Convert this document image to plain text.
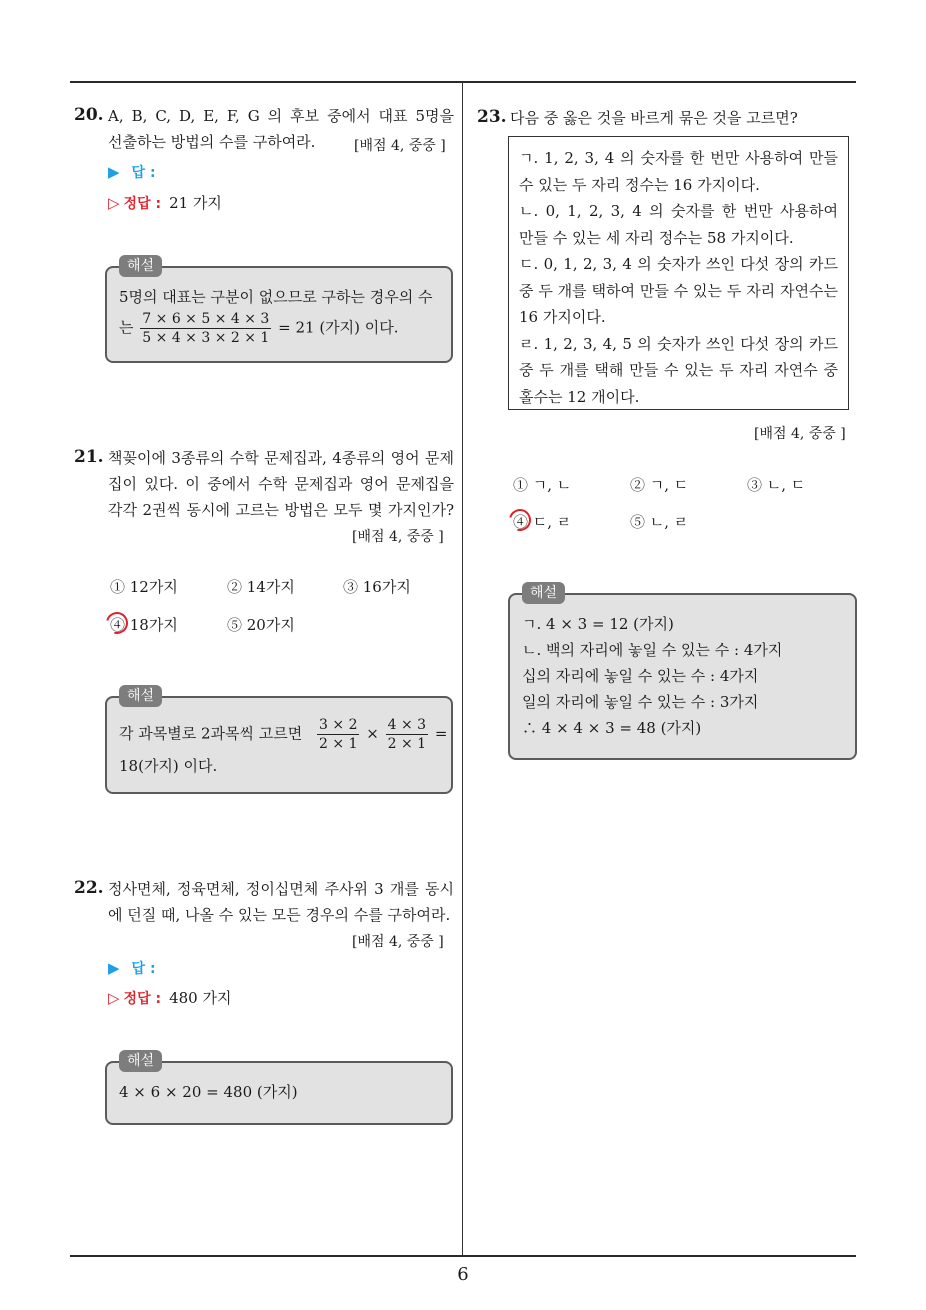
6
20. A, B, C, D, E, F, G 의 후보 중에서 대표 5명을
선출하는 방법의 수를 구하여라.	[배점 4, 중중 ]
▶ 답 :
▷ 정답 : 21 가지
해설
5명의 대표는 구분이 없으므로 구하는 경우의 수
는 $\frac{7 \times 6 \times 5 \times 4 \times 3}{5 \times 4 \times 3 \times 2 \times 1} = 21$ (가지) 이다.
21. 책꽂이에 3종류의 수학 문제집과, 4종류의 영어 문제
집이 있다. 이 중에서 수학 문제집과 영어 문제집을
각각 2권씩 동시에 고르는 방법은 모두 몇 가지인가?
[배점 4, 중중 ]
① 12가지	② 14가지	③ 16가지
④ 18가지	⑤ 20가지
해설
각 과목별로 2과목씩 고르면 $\frac{3 \times 2}{2 \times 1} \times \frac{4 \times 3}{2 \times 1}$ =
18(가지) 이다.
22. 정사면체, 정육면체, 정이십면체 주사위 3 개를 동시
에 던질 때, 나올 수 있는 모든 경우의 수를 구하여라.
[배점 4, 중중 ]
▶ 답 :
▷ 정답 : 480 가지
해설
4 × 6 × 20 = 480 (가지)
23. 다음 중 옳은 것을 바르게 묶은 것을 고르면?
ㄱ. 1, 2, 3, 4 의 숫자를 한 번만 사용하여 만들
수 있는 두 자리 정수는 16 가지이다.
ㄴ. 0, 1, 2, 3, 4 의 숫자를 한 번만 사용하여
만들 수 있는 세 자리 정수는 58 가지이다.
ㄷ. 0, 1, 2, 3, 4 의 숫자가 쓰인 다섯 장의 카드
중 두 개를 택하여 만들 수 있는 두 자리 자연수는
16 가지이다.
ㄹ. 1, 2, 3, 4, 5 의 숫자가 쓰인 다섯 장의 카드
중 두 개를 택해 만들 수 있는 두 자리 자연수 중
홀수는 12 개이다.
[배점 4, 중중 ]
① ㄱ, ㄴ	② ㄱ, ㄷ	③ ㄴ, ㄷ
④ ㄷ, ㄹ	⑤ ㄴ, ㄹ
해설
ㄱ. 4 × 3 = 12 (가지)
ㄴ. 백의 자리에 놓일 수 있는 수 : 4가지
십의 자리에 놓일 수 있는 수 : 4가지
일의 자리에 놓일 수 있는 수 : 3가지
∴ 4 × 4 × 3 = 48 (가지)
